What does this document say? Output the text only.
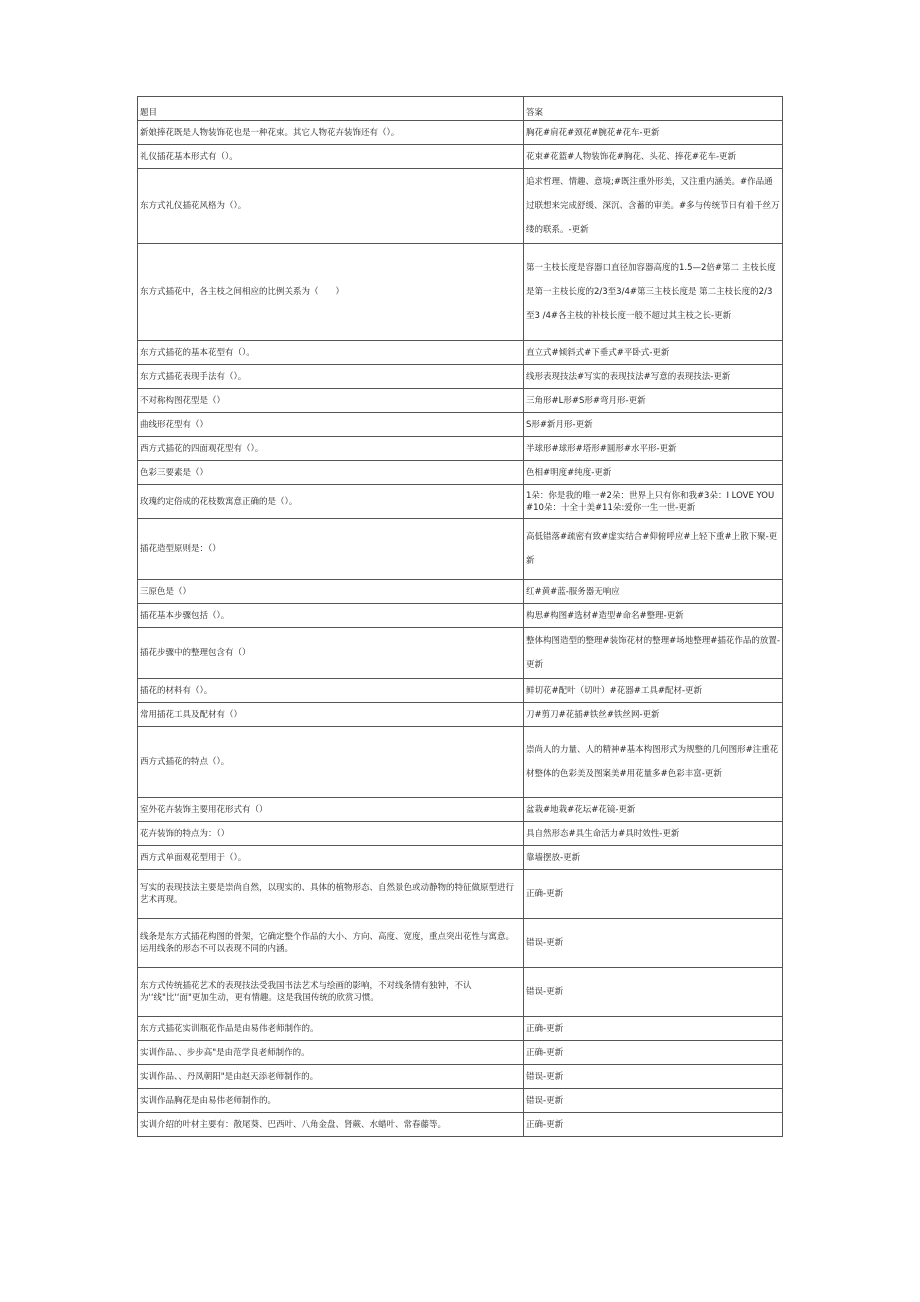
题目	答案
新娘捧花既是人物装饰花也是一种花束。其它人物花卉装饰还有（）。	胸花#肩花#颈花#腕花#花车-更新
礼仪插花基本形式有（）。	花束#花篮#人物装饰花#胸花、头花、捧花#花车-更新
东方式礼仪插花风格为（）。	追求哲理、情趣、意境;#既注重外形美，又注重内涵美。#作品通过联想来完成舒缓、深沉、含蓄的审美。#多与传统节日有着千丝万缕的联系。-更新
东方式插花中，各主枝之间相应的比例关系为（　　）	第一主枝长度是容器口直径加容器高度的1.5—2倍#第二 主枝长度是第一主枝长度的2/3至3/4#第三主枝长度是 第二主枝长度的2/3至3 /4#各主枝的补枝长度一般不超过其主枝之长-更新
东方式插花的基本花型有（）。	直立式#倾斜式#下垂式#平卧式-更新
东方式插花表现手法有（）。	线形表现技法#写实的表现技法#写意的表现技法-更新
不对称构图花型是（）	三角形#L形#S形#弯月形-更新
曲线形花型有（）	S形#新月形-更新
西方式插花的四面观花型有（）。	半球形#球形#塔形#圆形#水平形-更新
色彩三要素是（）	色相#明度#纯度-更新
玫瑰约定俗成的花枝数寓意正确的是（）。	1朵：你是我的唯一#2朵：世界上只有你和我#3朵：I LOVE YOU#10朵：十全十美#11朵:爱你一生一世-更新
插花造型原则是：（）	高低错落#疏密有致#虚实结合#仰俯呼应#上轻下重#上散下聚-更新
三原色是（）	红#黄#蓝-服务器无响应
插花基本步骤包括（）。	构思#构图#选材#造型#命名#整理-更新
插花步骤中的整理包含有（）	整体构图造型的整理#装饰花材的整理#场地整理#插花作品的放置-更新
插花的材料有（）。	鲜切花#配叶（切叶）#花器#工具#配材-更新
常用插花工具及配材有（）	刀#剪刀#花插#铁丝#铁丝网-更新
西方式插花的特点（）。	崇尚人的力量、人的精神#基本构图形式为规整的几何图形#注重花材整体的色彩美及图案美#用花量多#色彩丰富-更新
室外花卉装饰主要用花形式有（）	盆栽#地栽#花坛#花镜-更新
花卉装饰的特点为：（）	具自然形态#具生命活力#具时效性-更新
西方式单面观花型用于（）。	靠墙摆放-更新
写实的表现技法主要是崇尚自然，以现实的、具体的植物形态、自然景色或动静物的特征做原型进行艺术再现。	正确-更新
线条是东方式插花构图的骨架，它确定整个作品的大小、方向、高度、宽度，重点突出花性与寓意。运用线条的形态不可以表现不同的内涵。	错误-更新
东方式传统插花艺术的表现技法受我国书法艺术与绘画的影响，不对线条情有独钟，不认为'‘线"比'‘面"更加生动，更有情趣。这是我国传统的欣赏习惯。	错误-更新
东方式插花实训瓶花作品是由易伟老师制作的。	正确-更新
实训作品、、步步高"是由范学良老师制作的。	正确-更新
实训作品、、丹凤朝阳"是由赵天添老师制作的。	错误-更新
实训作品胸花是由易伟老师制作的。	错误-更新
实训介绍的叶材主要有：散尾葵、巴西叶、八角金盘、肾蕨、水蜡叶、常春藤等。	正确-更新
